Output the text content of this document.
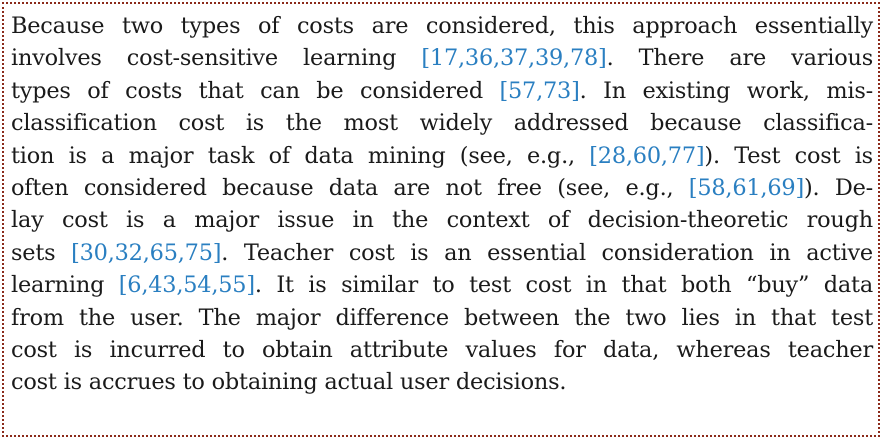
Because two types of costs are considered, this approach essentially
involves cost-sensitive learning [17,36,37,39,78]. There are various
types of costs that can be considered [57,73]. In existing work, mis-
classification cost is the most widely addressed because classifica-
tion is a major task of data mining (see, e.g., [28,60,77]). Test cost is
often considered because data are not free (see, e.g., [58,61,69]). De-
lay cost is a major issue in the context of decision-theoretic rough
sets [30,32,65,75]. Teacher cost is an essential consideration in active
learning [6,43,54,55]. It is similar to test cost in that both “buy” data
from the user. The major difference between the two lies in that test
cost is incurred to obtain attribute values for data, whereas teacher
cost is accrues to obtaining actual user decisions.
